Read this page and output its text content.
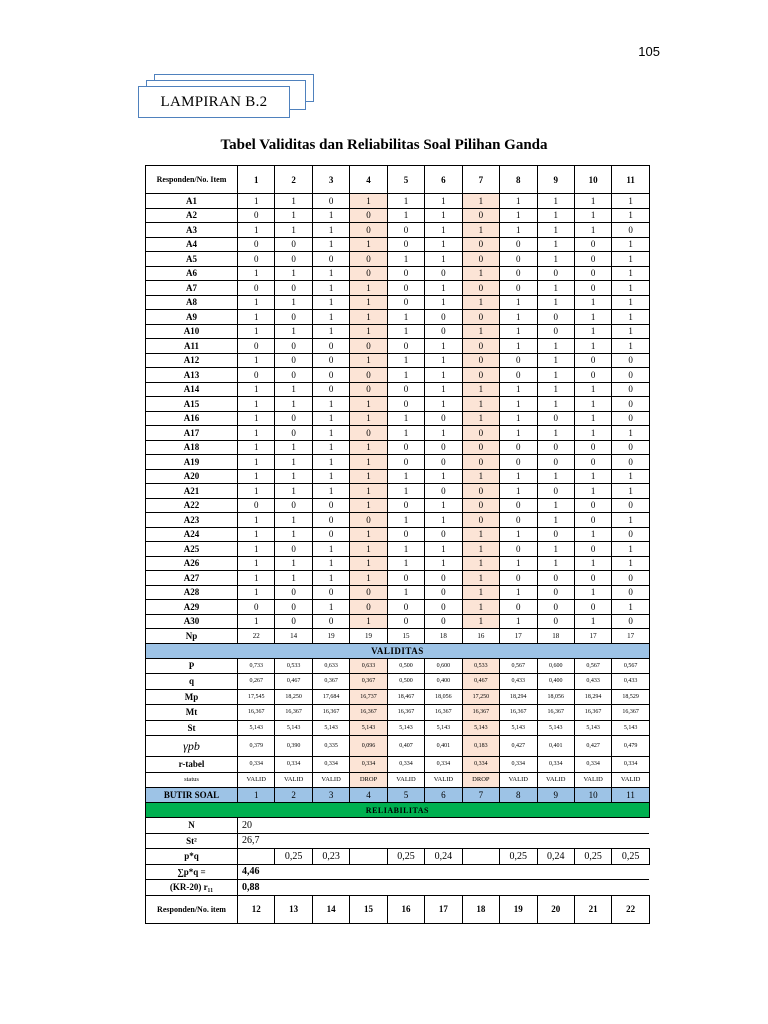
105
LAMPIRAN B.2
Tabel Validitas dan Reliabilitas Soal Pilihan Ganda
Responden/No. Item	1	2	3	4	5	6	7	8	9	10	11
A1	1	1	0	1	1	1	1	1	1	1	1
A2	0	1	1	0	1	1	0	1	1	1	1
A3	1	1	1	0	0	1	1	1	1	1	0
A4	0	0	1	1	0	1	0	0	1	0	1
A5	0	0	0	0	1	1	0	0	1	0	1
A6	1	1	1	0	0	0	1	0	0	0	1
A7	0	0	1	1	0	1	0	0	1	0	1
A8	1	1	1	1	0	1	1	1	1	1	1
A9	1	0	1	1	1	0	0	1	0	1	1
A10	1	1	1	1	1	0	1	1	0	1	1
A11	0	0	0	0	0	1	0	1	1	1	1
A12	1	0	0	1	1	1	0	0	1	0	0
A13	0	0	0	0	1	1	0	0	1	0	0
A14	1	1	0	0	0	1	1	1	1	1	0
A15	1	1	1	1	0	1	1	1	1	1	0
A16	1	0	1	1	1	0	1	1	0	1	0
A17	1	0	1	0	1	1	0	1	1	1	1
A18	1	1	1	1	0	0	0	0	0	0	0
A19	1	1	1	1	0	0	0	0	0	0	0
A20	1	1	1	1	1	1	1	1	1	1	1
A21	1	1	1	1	1	0	0	1	0	1	1
A22	0	0	0	1	0	1	0	0	1	0	0
A23	1	1	0	0	1	1	0	0	1	0	1
A24	1	1	0	1	0	0	1	1	0	1	0
A25	1	0	1	1	1	1	1	0	1	0	1
A26	1	1	1	1	1	1	1	1	1	1	1
A27	1	1	1	1	0	0	1	0	0	0	0
A28	1	0	0	0	1	0	1	1	0	1	0
A29	0	0	1	0	0	0	1	0	0	0	1
A30	1	0	0	1	0	0	1	1	0	1	0
Np	22	14	19	19	15	18	16	17	18	17	17
VALIDITAS											
P	0,733	0,533	0,633	0,633	0,500	0,600	0,533	0,567	0,600	0,567	0,567
q	0,267	0,467	0,367	0,367	0,500	0,400	0,467	0,433	0,400	0,433	0,433
Mp	17,545	18,250	17,684	16,737	18,467	18,056	17,250	18,294	18,056	18,294	18,529
Mt	16,367	16,367	16,367	16,367	16,367	16,367	16,367	16,367	16,367	16,367	16,367
St	5,143	5,143	5,143	5,143	5,143	5,143	5,143	5,143	5,143	5,143	5,143
γpb	0,379	0,390	0,335	0,096	0,407	0,401	0,183	0,427	0,401	0,427	0,479
r-tabel	0,334	0,334	0,334	0,334	0,334	0,334	0,334	0,334	0,334	0,334	0,334
status	VALID	VALID	VALID	DROP	VALID	VALID	DROP	VALID	VALID	VALID	VALID
BUTIR SOAL	1	2	3	4	5	6	7	8	9	10	11
RELIABILITAS											
N	20										
St²	26,7										
p*q		0,25	0,23		0,25	0,24		0,25	0,24	0,25	0,25
∑p*q =	4,46										
(KR-20) r₁₁	0,88										
Responden/No. item	12	13	14	15	16	17	18	19	20	21	22
